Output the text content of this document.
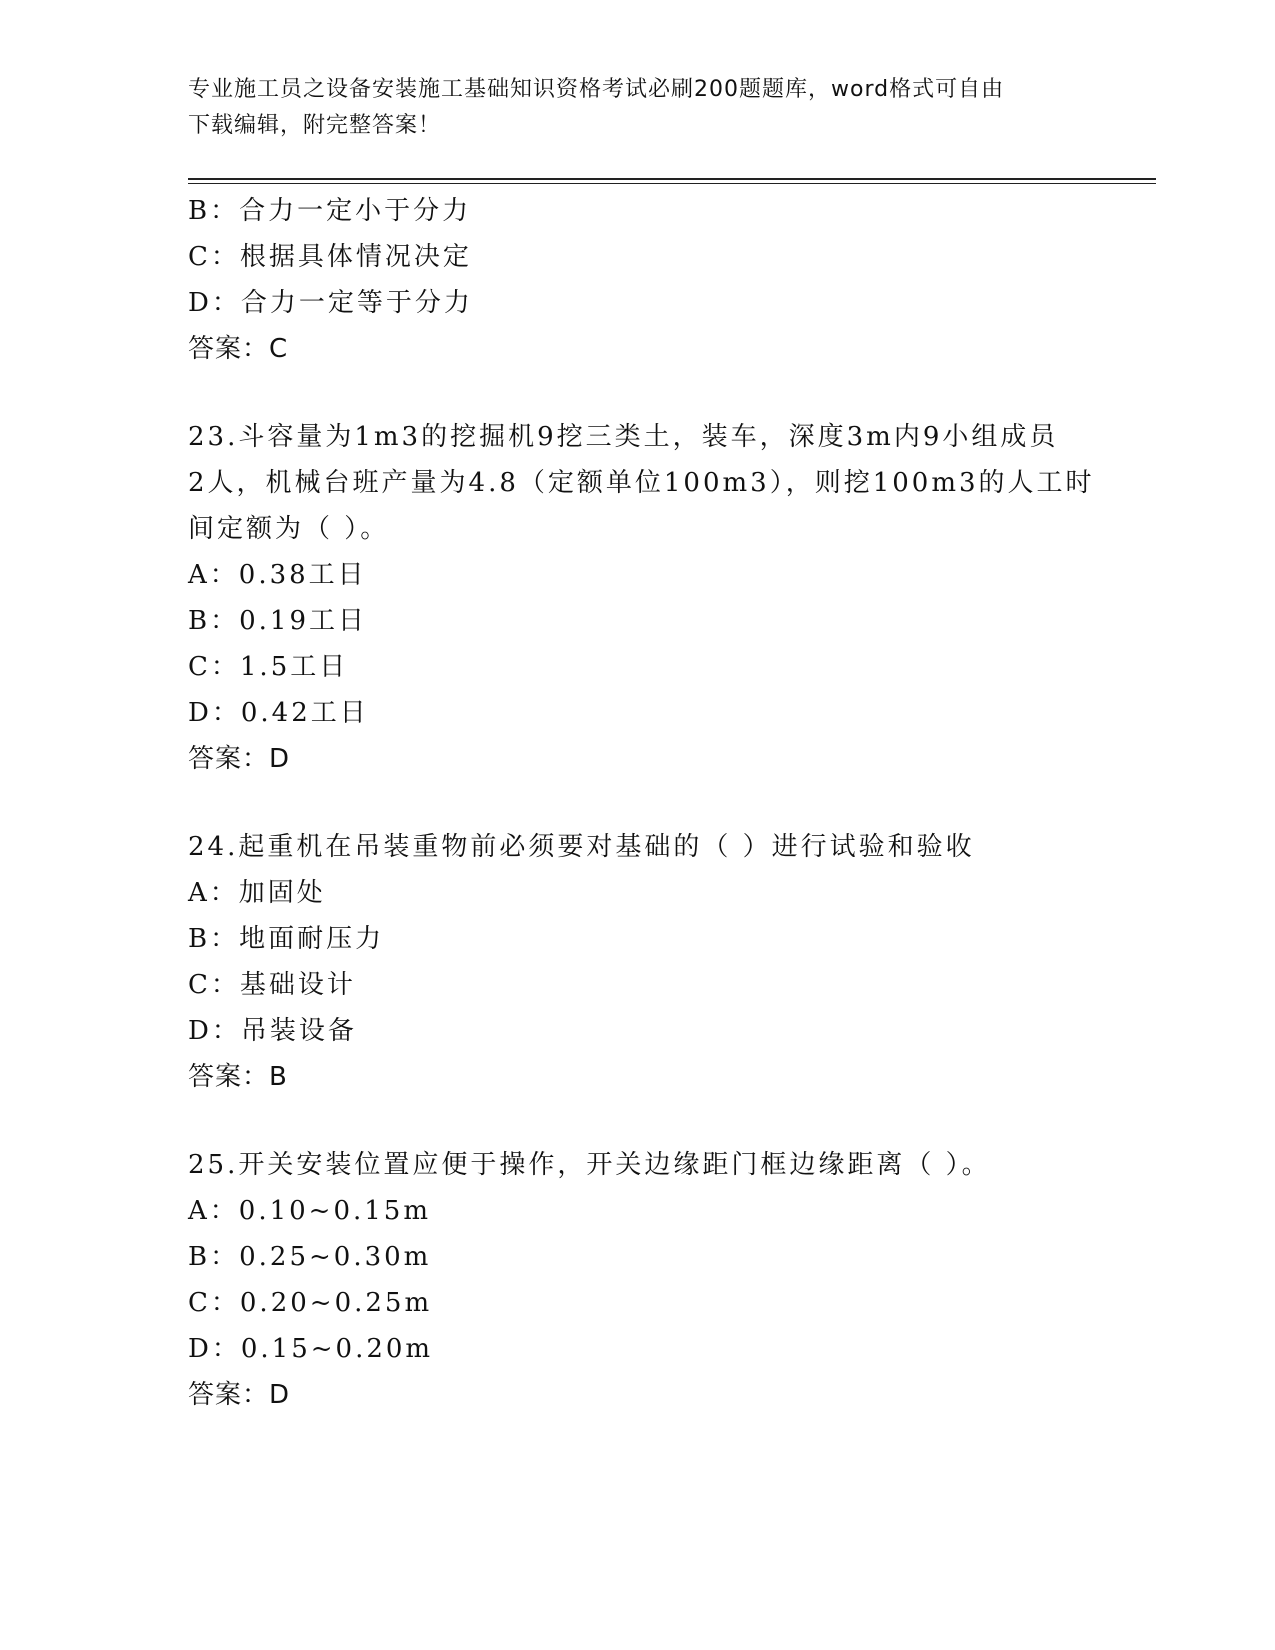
专业施工员之设备安装施工基础知识资格考试必刷200题题库，word格式可自由
下载编辑，附完整答案！
B：合力一定小于分力
C：根据具体情况决定
D：合力一定等于分力
答案：C
23.斗容量为1m3的挖掘机9挖三类土，装车，深度3m内9小组成员
2人，机械台班产量为4.8（定额单位100m3），则挖100m3的人工时
间定额为（ ）。
A：0.38工日
B：0.19工日
C：1.5工日
D：0.42工日
答案：D
24.起重机在吊装重物前必须要对基础的（ ）进行试验和验收
A：加固处
B：地面耐压力
C：基础设计
D：吊装设备
答案：B
25.开关安装位置应便于操作，开关边缘距门框边缘距离（ ）。
A：0.10~0.15m
B：0.25~0.30m
C：0.20~0.25m
D：0.15~0.20m
答案：D
